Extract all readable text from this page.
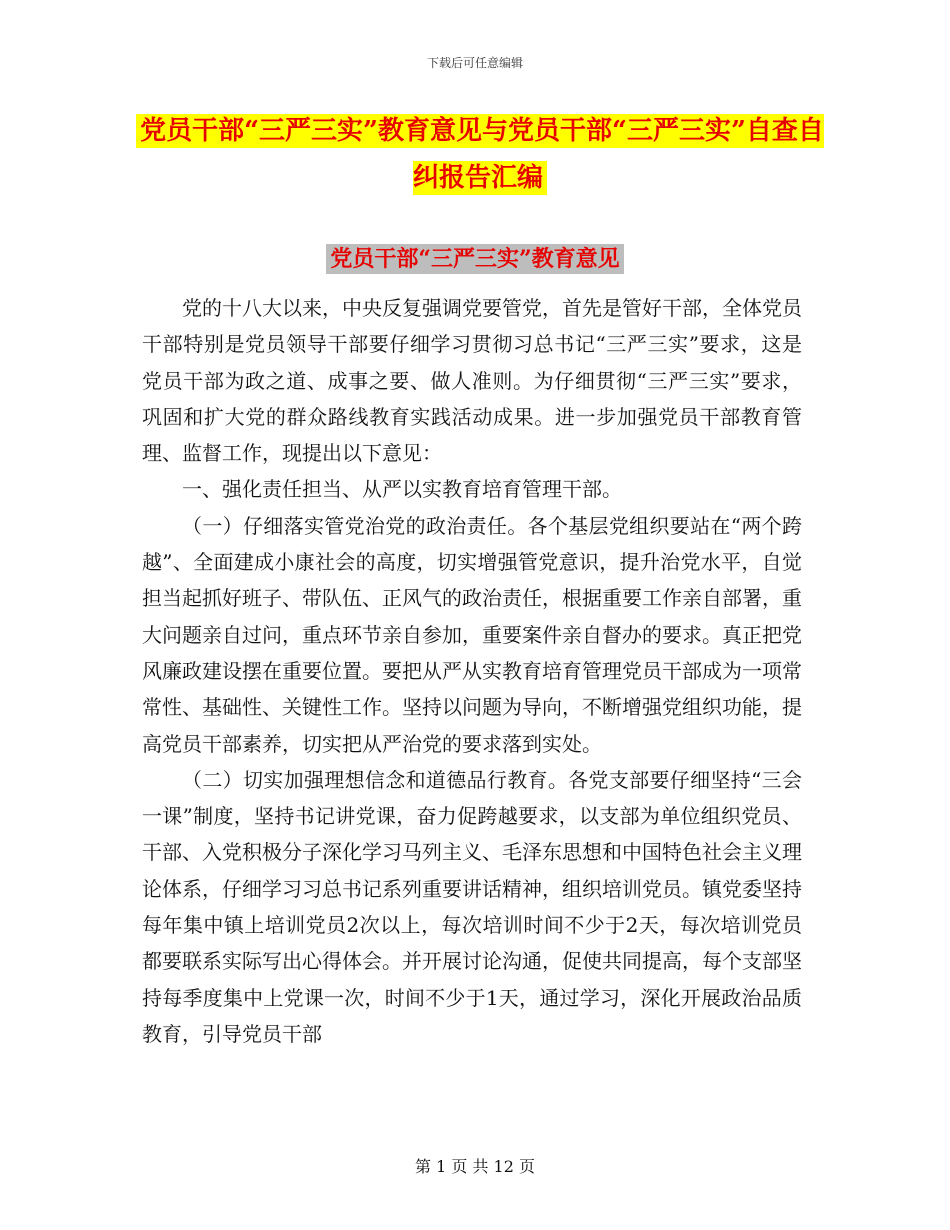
下载后可任意编辑
党员干部“三严三实”教育意见与党员干部“三严三实”自查自纠报告汇编
党员干部“三严三实”教育意见

党的十八大以来，中央反复强调党要管党，首先是管好干部，全体党员干部特别是党员领导干部要仔细学习贯彻习总书记“三严三实”要求，这是党员干部为政之道、成事之要、做人准则。为仔细贯彻“三严三实”要求，巩固和扩大党的群众路线教育实践活动成果。进一步加强党员干部教育管理、监督工作，现提出以下意见：

一、强化责任担当、从严以实教育培育管理干部。

（一）仔细落实管党治党的政治责任。各个基层党组织要站在“两个跨越”、全面建成小康社会的高度，切实增强管党意识，提升治党水平，自觉担当起抓好班子、带队伍、正风气的政治责任，根据重要工作亲自部署，重大问题亲自过问，重点环节亲自参加，重要案件亲自督办的要求。真正把党风廉政建设摆在重要位置。要把从严从实教育培育管理党员干部成为一项常常性、基础性、关键性工作。坚持以问题为导向，不断增强党组织功能，提高党员干部素养，切实把从严治党的要求落到实处。

（二）切实加强理想信念和道德品行教育。各党支部要仔细坚持“三会一课”制度，坚持书记讲党课，奋力促跨越要求，以支部为单位组织党员、干部、入党积极分子深化学习马列主义、毛泽东思想和中国特色社会主义理论体系，仔细学习习总书记系列重要讲话精神，组织培训党员。镇党委坚持每年集中镇上培训党员2次以上，每次培训时间不少于2天，每次培训党员都要联系实际写出心得体会。并开展讨论沟通，促使共同提高，每个支部坚持每季度集中上党课一次，时间不少于1天，通过学习，深化开展政治品质教育，引导党员干部

第 1 页 共 12 页
